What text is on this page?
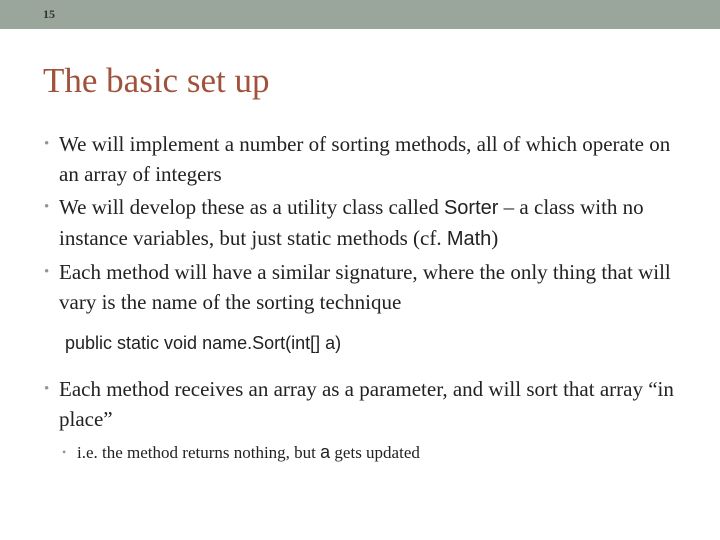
15
The basic set up
• We will implement a number of sorting methods, all of which operate on an array of integers
• We will develop these as a utility class called Sorter – a class with no instance variables, but just static methods (cf. Math)
• Each method will have a similar signature, where the only thing that will vary is the name of the sorting technique
public static void name.Sort(int[] a)
• Each method receives an array as a parameter, and will sort that array “in place”
• i.e. the method returns nothing, but a gets updated
